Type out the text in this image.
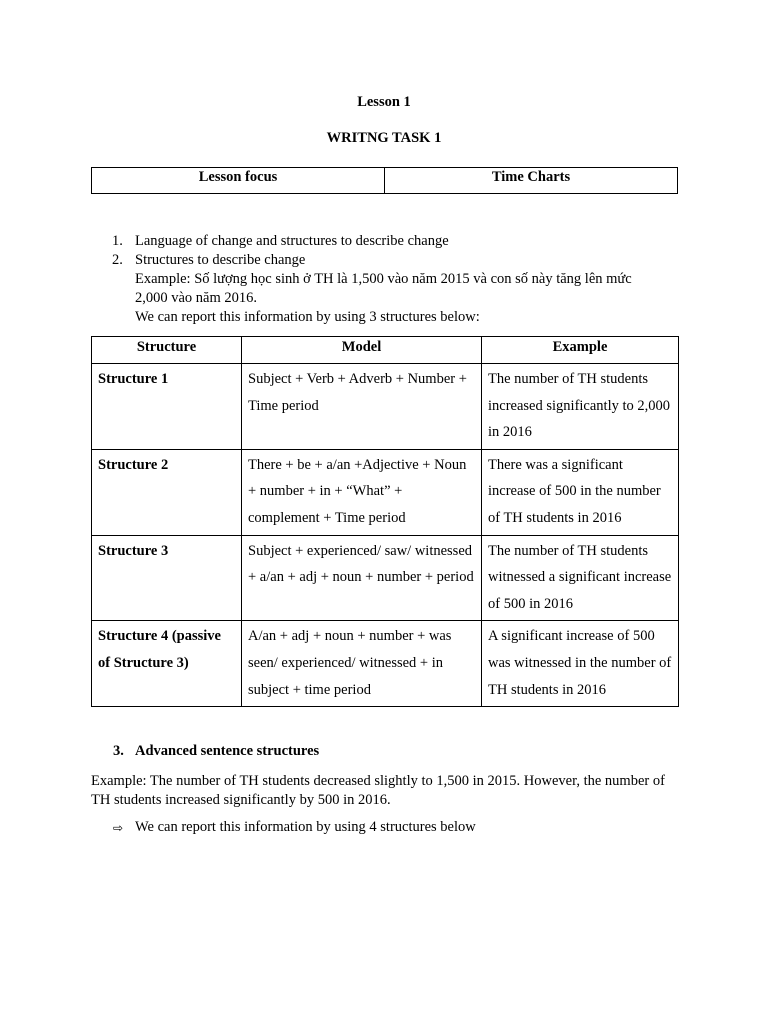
Lesson 1
WRITNG TASK 1
Lesson focus	Time Charts
1. Language of change and structures to describe change
2. Structures to describe change
Example: Số lượng học sinh ở TH là 1,500 vào năm 2015 và con số này tăng lên mức
2,000 vào năm 2016.
We can report this information by using 3 structures below:
Structure	Model	Example
Structure 1	Subject + Verb + Adverb + Number + Time period	The number of TH students increased significantly to 2,000 in 2016
Structure 2	There + be + a/an +Adjective + Noun + number + in + “What” + complement + Time period	There was a significant increase of 500 in the number of TH students in 2016
Structure 3	Subject + experienced/ saw/ witnessed + a/an + adj + noun + number + period	The number of TH students witnessed a significant increase of 500 in 2016
Structure 4 (passive of Structure 3)	A/an + adj + noun + number + was seen/ experienced/ witnessed + in subject + time period	A significant increase of 500 was witnessed in the number of TH students in 2016
3. Advanced sentence structures
Example: The number of TH students decreased slightly to 1,500 in 2015. However, the number of TH students increased significantly by 500 in 2016.
⇨ We can report this information by using 4 structures below
